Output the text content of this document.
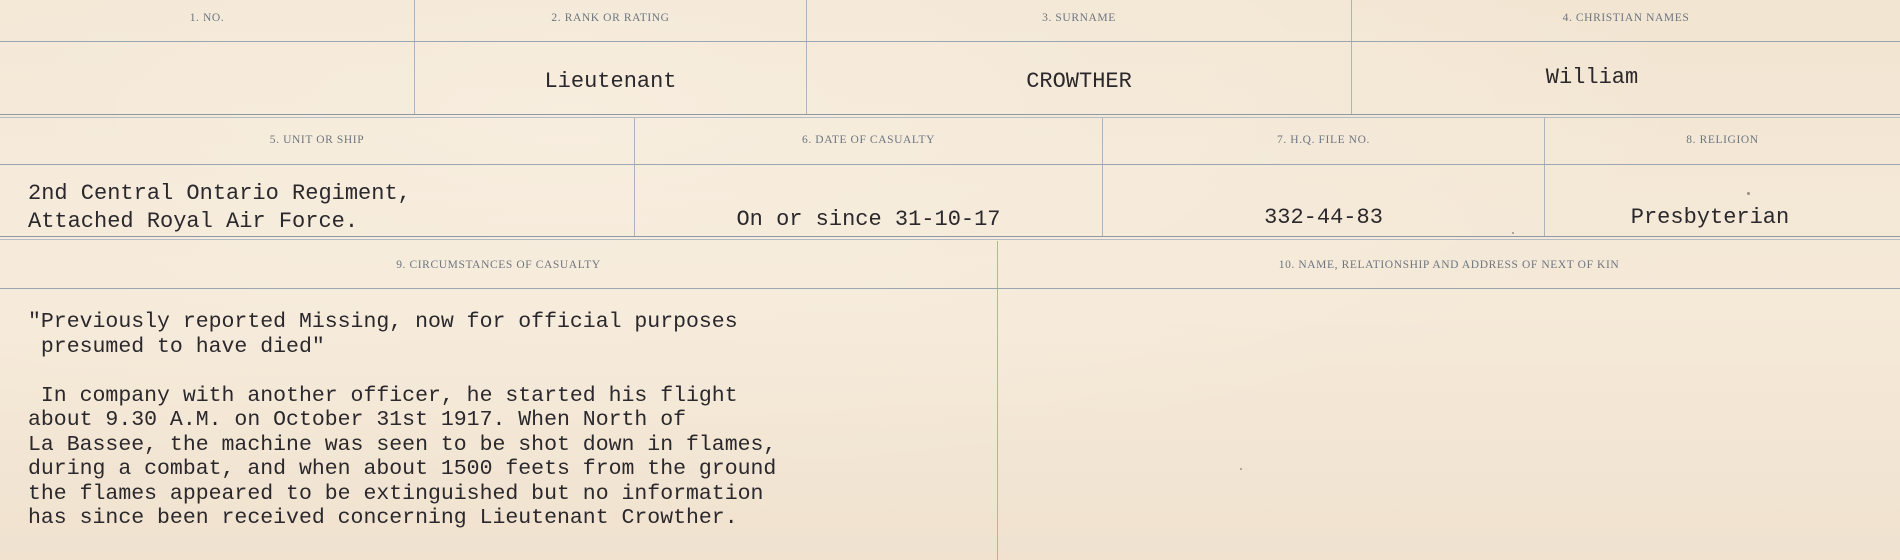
1. NO.	2. RANK OR RATING
Lieutenant
3. SURNAME
CROWTHER
4. CHRISTIAN NAMES
William
5. UNIT OR SHIP
2nd Central Ontario Regiment,
Attached Royal Air Force.
6. DATE OF CASUALTY
On or since 31-10-17
7. H.Q. FILE NO.
332-44-83
8. RELIGION
Presbyterian
9. CIRCUMSTANCES OF CASUALTY	10. NAME, RELATIONSHIP AND ADDRESS OF NEXT OF KIN
"Previously reported Missing, now for official purposes
presumed to have died"

In company with another officer, he started his flight
about 9.30 A.M. on October 31st 1917. When North of
La Bassee, the machine was seen to be shot down in flames,
during a combat, and when about 1500 feets from the ground
the flames appeared to be extinguished but no information
has since been received concerning Lieutenant Crowther.
